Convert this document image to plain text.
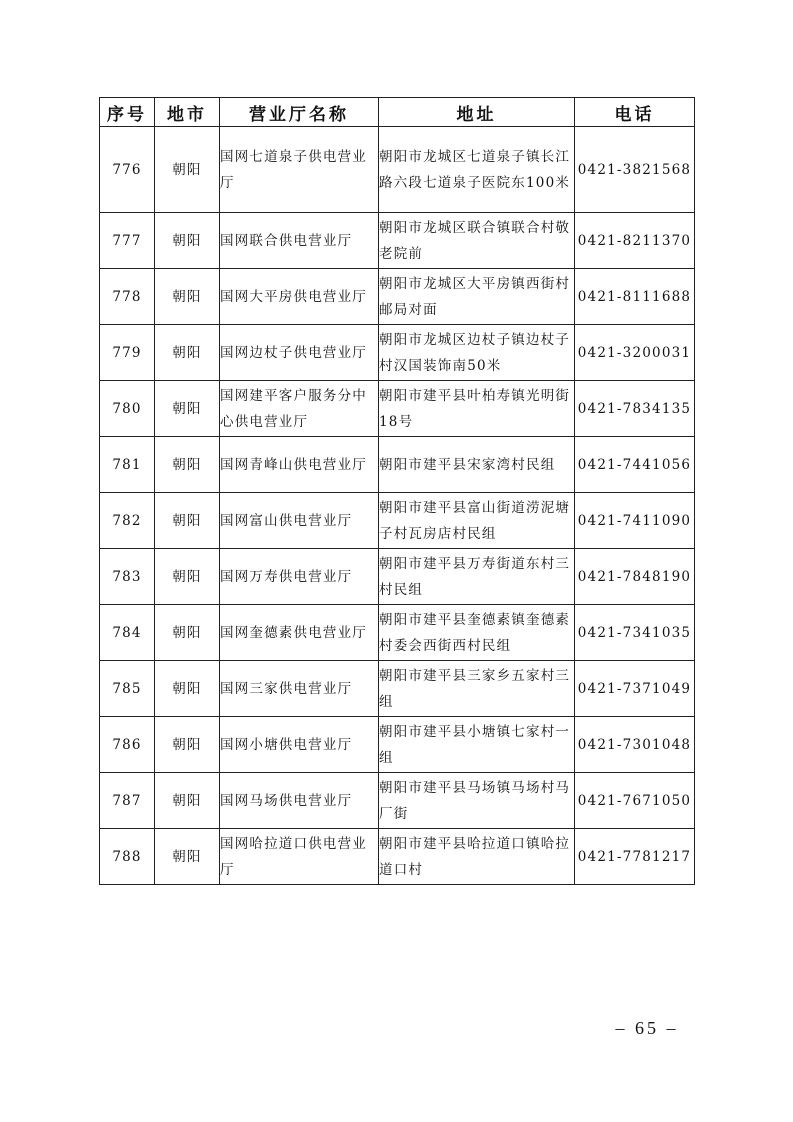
序号	地市	营业厅名称	地址	电话
776	朝阳	国网七道泉子供电营业厅	朝阳市龙城区七道泉子镇长江路六段七道泉子医院东100米	0421-3821568
777	朝阳	国网联合供电营业厅	朝阳市龙城区联合镇联合村敬老院前	0421-8211370
778	朝阳	国网大平房供电营业厅	朝阳市龙城区大平房镇西街村邮局对面	0421-8111688
779	朝阳	国网边杖子供电营业厅	朝阳市龙城区边杖子镇边杖子村汉国装饰南50米	0421-3200031
780	朝阳	国网建平客户服务分中心供电营业厅	朝阳市建平县叶柏寿镇光明街18号	0421-7834135
781	朝阳	国网青峰山供电营业厅	朝阳市建平县宋家湾村民组	0421-7441056
782	朝阳	国网富山供电营业厅	朝阳市建平县富山街道涝泥塘子村瓦房店村民组	0421-7411090
783	朝阳	国网万寿供电营业厅	朝阳市建平县万寿街道东村三村民组	0421-7848190
784	朝阳	国网奎德素供电营业厅	朝阳市建平县奎德素镇奎德素村委会西街西村民组	0421-7341035
785	朝阳	国网三家供电营业厅	朝阳市建平县三家乡五家村三组	0421-7371049
786	朝阳	国网小塘供电营业厅	朝阳市建平县小塘镇七家村一组	0421-7301048
787	朝阳	国网马场供电营业厅	朝阳市建平县马场镇马场村马厂街	0421-7671050
788	朝阳	国网哈拉道口供电营业厅	朝阳市建平县哈拉道口镇哈拉道口村	0421-7781217
– 65 –
